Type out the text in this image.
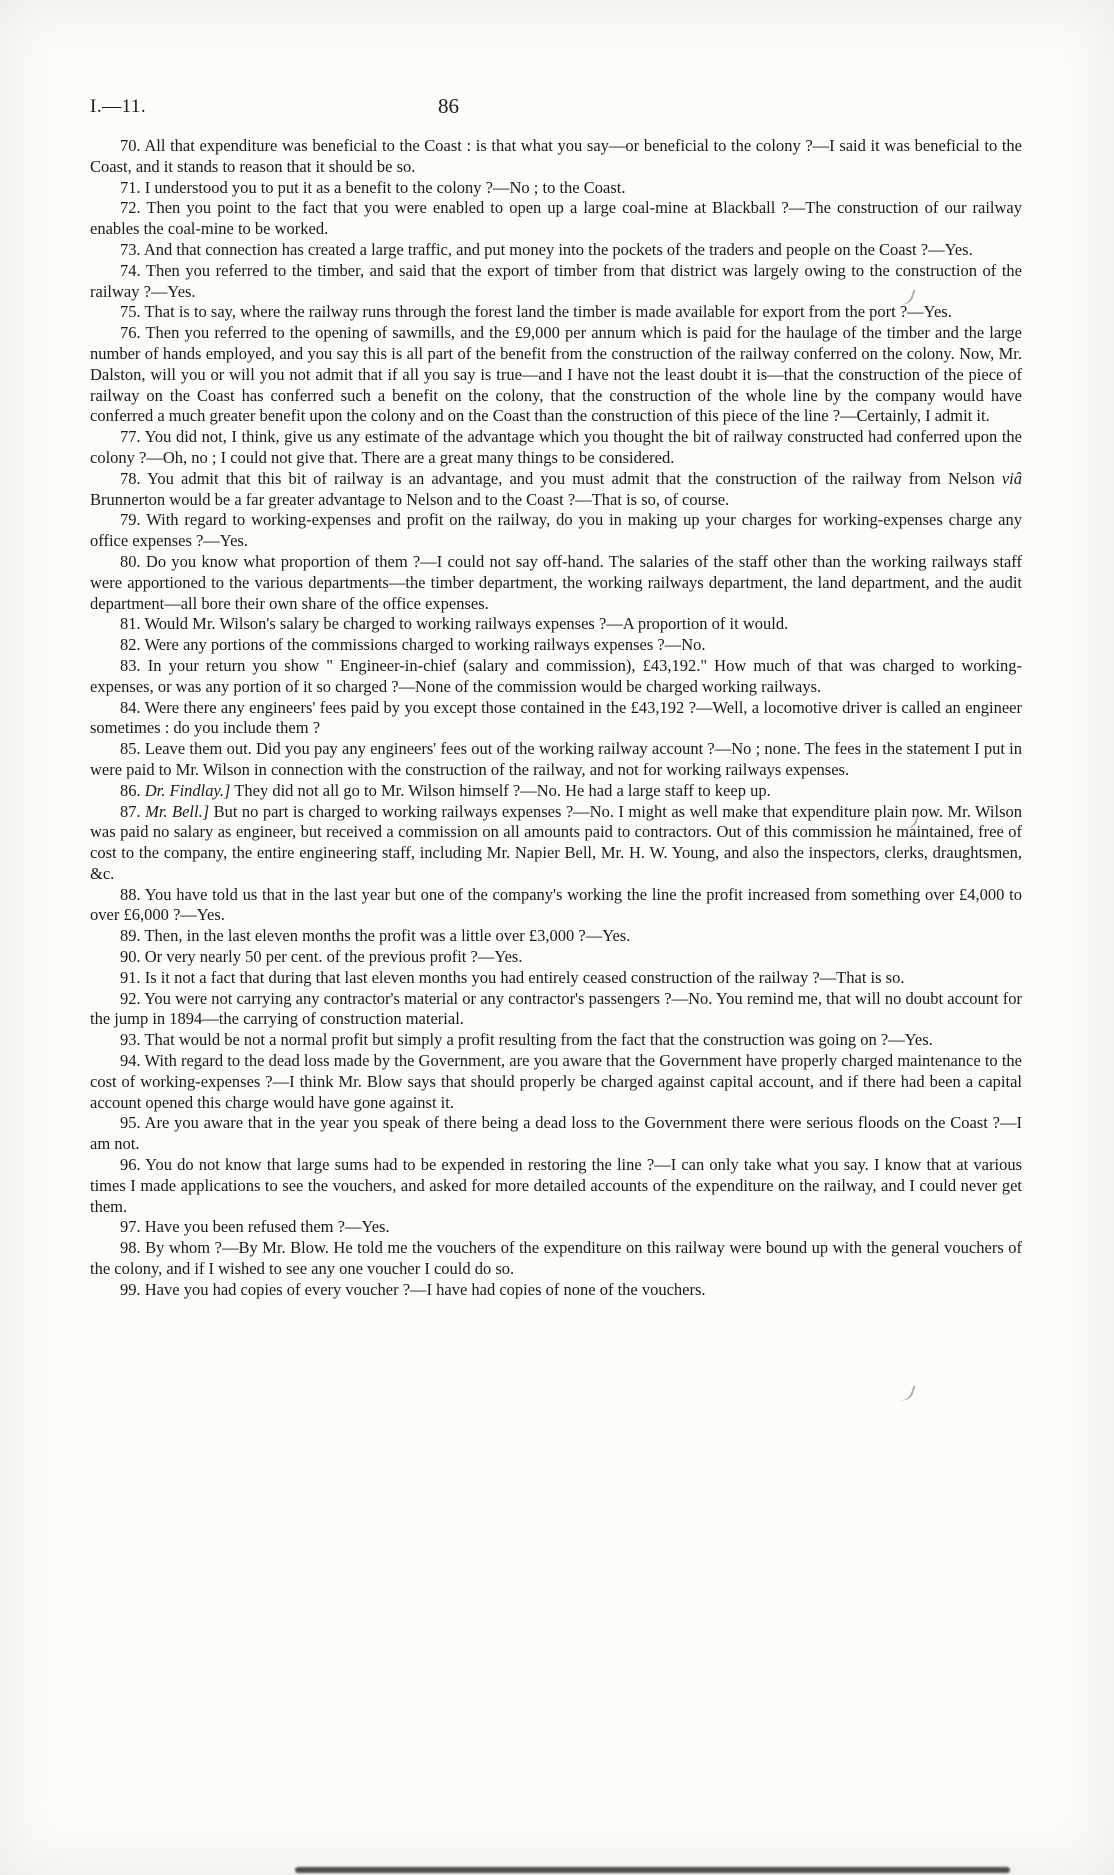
I.—11.	86

70. All that expenditure was beneficial to the Coast : is that what you say—or beneficial to the colony ?—I said it was beneficial to the Coast, and it stands to reason that it should be so.

71. I understood you to put it as a benefit to the colony ?—No ; to the Coast.

72. Then you point to the fact that you were enabled to open up a large coal-mine at Blackball ?—The construction of our railway enables the coal-mine to be worked.

73. And that connection has created a large traffic, and put money into the pockets of the traders and people on the Coast ?—Yes.

74. Then you referred to the timber, and said that the export of timber from that district was largely owing to the construction of the railway ?—Yes.

75. That is to say, where the railway runs through the forest land the timber is made available for export from the port ?—Yes.

76. Then you referred to the opening of sawmills, and the £9,000 per annum which is paid for the haulage of the timber and the large number of hands employed, and you say this is all part of the benefit from the construction of the railway conferred on the colony. Now, Mr. Dalston, will you or will you not admit that if all you say is true—and I have not the least doubt it is—that the construction of the piece of railway on the Coast has conferred such a benefit on the colony, that the construction of the whole line by the company would have conferred a much greater benefit upon the colony and on the Coast than the construction of this piece of the line ?—Certainly, I admit it.

77. You did not, I think, give us any estimate of the advantage which you thought the bit of railway constructed had conferred upon the colony ?—Oh, no ; I could not give that. There are a great many things to be considered.

78. You admit that this bit of railway is an advantage, and you must admit that the construction of the railway from Nelson viâ Brunnerton would be a far greater advantage to Nelson and to the Coast ?—That is so, of course.

79. With regard to working-expenses and profit on the railway, do you in making up your charges for working-expenses charge any office expenses ?—Yes.

80. Do you know what proportion of them ?—I could not say off-hand. The salaries of the staff other than the working railways staff were apportioned to the various departments—the timber department, the working railways department, the land department, and the audit department—all bore their own share of the office expenses.

81. Would Mr. Wilson's salary be charged to working railways expenses ?—A proportion of it would.

82. Were any portions of the commissions charged to working railways expenses ?—No.

83. In your return you show " Engineer-in-chief (salary and commission), £43,192." How much of that was charged to working-expenses, or was any portion of it so charged ?—None of the commission would be charged working railways.

84. Were there any engineers' fees paid by you except those contained in the £43,192 ?—Well, a locomotive driver is called an engineer sometimes : do you include them ?

85. Leave them out. Did you pay any engineers' fees out of the working railway account ?—No ; none. The fees in the statement I put in were paid to Mr. Wilson in connection with the construction of the railway, and not for working railways expenses.

86. Dr. Findlay.] They did not all go to Mr. Wilson himself ?—No. He had a large staff to keep up.

87. Mr. Bell.] But no part is charged to working railways expenses ?—No. I might as well make that expenditure plain now. Mr. Wilson was paid no salary as engineer, but received a commission on all amounts paid to contractors. Out of this commission he maintained, free of cost to the company, the entire engineering staff, including Mr. Napier Bell, Mr. H. W. Young, and also the inspectors, clerks, draughtsmen, &c.

88. You have told us that in the last year but one of the company's working the line the profit increased from something over £4,000 to over £6,000 ?—Yes.

89. Then, in the last eleven months the profit was a little over £3,000 ?—Yes.

90. Or very nearly 50 per cent. of the previous profit ?—Yes.

91. Is it not a fact that during that last eleven months you had entirely ceased construction of the railway ?—That is so.

92. You were not carrying any contractor's material or any contractor's passengers ?—No. You remind me, that will no doubt account for the jump in 1894—the carrying of construction material.

93. That would be not a normal profit but simply a profit resulting from the fact that the construction was going on ?—Yes.

94. With regard to the dead loss made by the Government, are you aware that the Government have properly charged maintenance to the cost of working-expenses ?—I think Mr. Blow says that should properly be charged against capital account, and if there had been a capital account opened this charge would have gone against it.

95. Are you aware that in the year you speak of there being a dead loss to the Government there were serious floods on the Coast ?—I am not.

96. You do not know that large sums had to be expended in restoring the line ?—I can only take what you say. I know that at various times I made applications to see the vouchers, and asked for more detailed accounts of the expenditure on the railway, and I could never get them.

97. Have you been refused them ?—Yes.

98. By whom ?—By Mr. Blow. He told me the vouchers of the expenditure on this railway were bound up with the general vouchers of the colony, and if I wished to see any one voucher I could do so.

99. Have you had copies of every voucher ?—I have had copies of none of the vouchers.
